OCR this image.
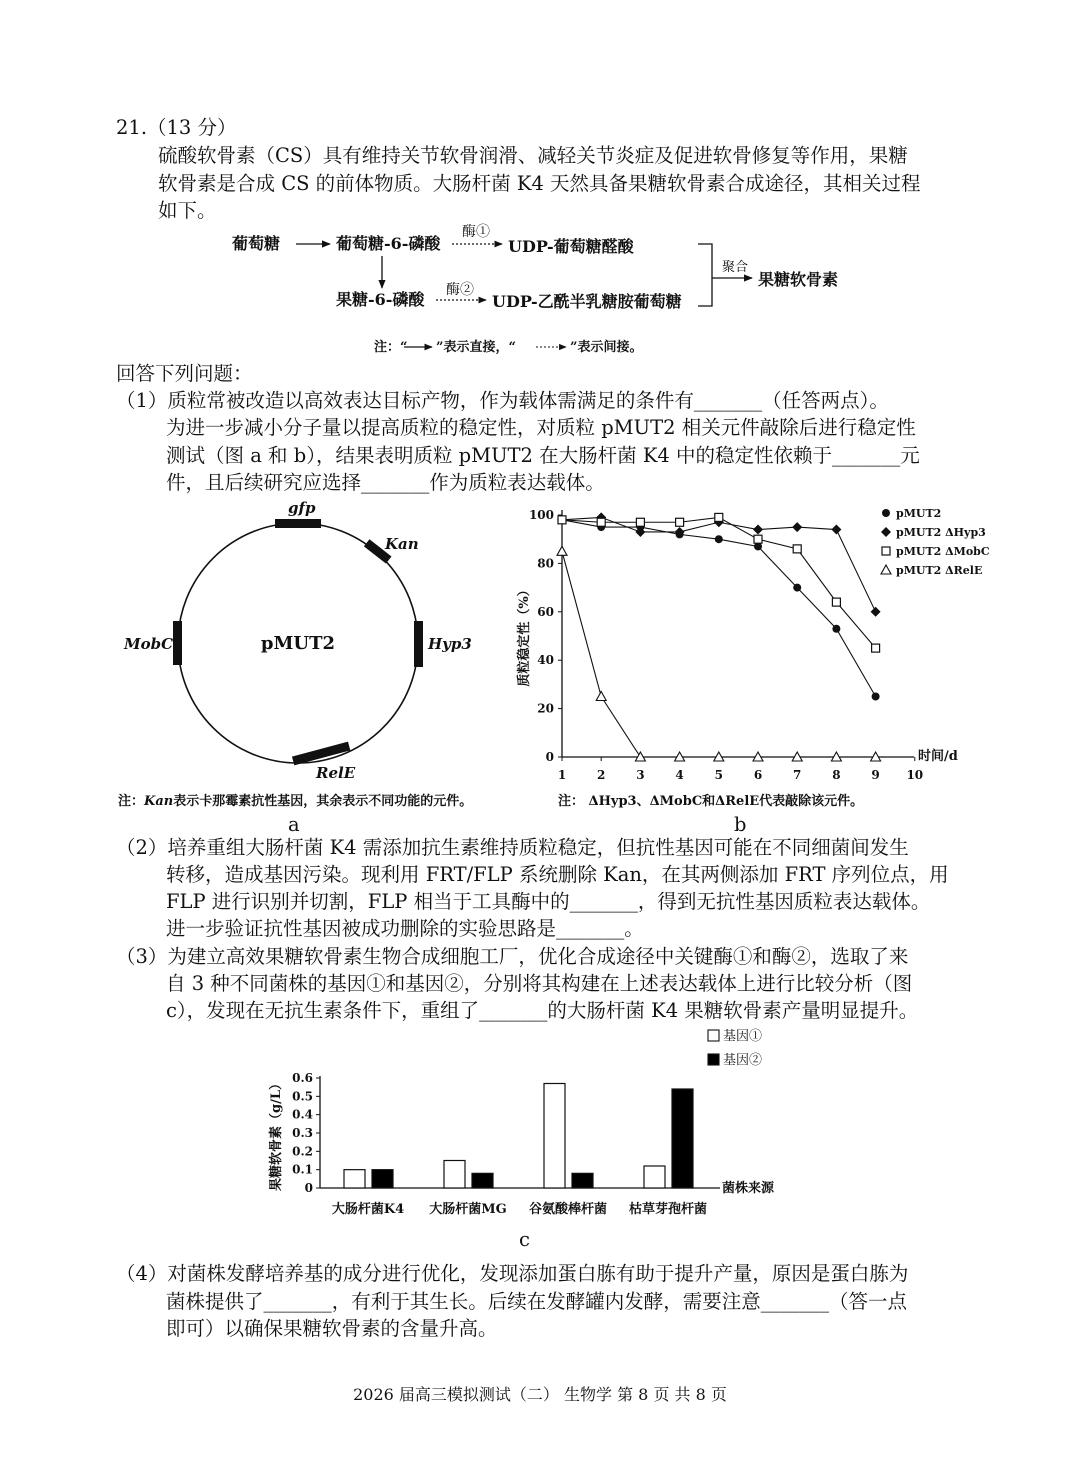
21.（13 分）
硫酸软骨素（CS）具有维持关节软骨润滑、减轻关节炎症及促进软骨修复等作用，果糖
软骨素是合成 CS 的前体物质。大肠杆菌 K4 天然具备果糖软骨素合成途径，其相关过程
如下。
葡萄糖	葡萄糖-6-磷酸
酶①
UDP-葡萄糖醛酸
果糖-6-磷酸 酶②
UDP-乙酰半乳糖胺葡萄糖
聚合
果糖软骨素
注：“ ”表示直接，“	”表示间接。
回答下列问题：
（1）质粒常被改造以高效表达目标产物，作为载体需满足的条件有_______（任答两点）。
为进一步减小分子量以提高质粒的稳定性，对质粒 pMUT2 相关元件敲除后进行稳定性
测试（图 a 和 b），结果表明质粒 pMUT2 在大肠杆菌 K4 中的稳定性依赖于_______元
件，且后续研究应选择_______作为质粒表达载体。
pMUT2
gfp
Kan
Hyp3
RelE
MobC
注：Kan表示卡那霉素抗性基因，其余表示不同功能的元件。
a
0
20
40
60
80
100
1	2	3	4	5	6	7	8	9 10
时间/d
质粒稳定性（%）
pMUT2
pMUT2 ΔHyp3
pMUT2 ΔMobC
pMUT2 ΔRelE
注： ΔHyp3、ΔMobC和ΔRelE代表敲除该元件。
b
（2）培养重组大肠杆菌 K4 需添加抗生素维持质粒稳定，但抗性基因可能在不同细菌间发生
转移，造成基因污染。现利用 FRT/FLP 系统删除 Kan，在其两侧添加 FRT 序列位点，用
FLP 进行识别并切割，FLP 相当于工具酶中的_______，得到无抗性基因质粒表达载体。
进一步验证抗性基因被成功删除的实验思路是_______。
（3）为建立高效果糖软骨素生物合成细胞工厂，优化合成途径中关键酶①和酶②，选取了来
自 3 种不同菌株的基因①和基因②，分别将其构建在上述表达载体上进行比较分析（图
c），发现在无抗生素条件下，重组了_______的大肠杆菌 K4 果糖软骨素产量明显提升。
0
0.1
0.2
0.3
0.4
0.5
0.6
菌株来源
果糖软骨素（g/L）
大肠杆菌K4 大肠杆菌MG 谷氨酸棒杆菌 枯草芽孢杆菌
基因①
基因②
c
（4）对菌株发酵培养基的成分进行优化，发现添加蛋白胨有助于提升产量，原因是蛋白胨为
菌株提供了_______，有利于其生长。后续在发酵罐内发酵，需要注意_______（答一点
即可）以确保果糖软骨素的含量升高。
2026 届高三模拟测试（二） 生物学 第 8 页 共 8 页
